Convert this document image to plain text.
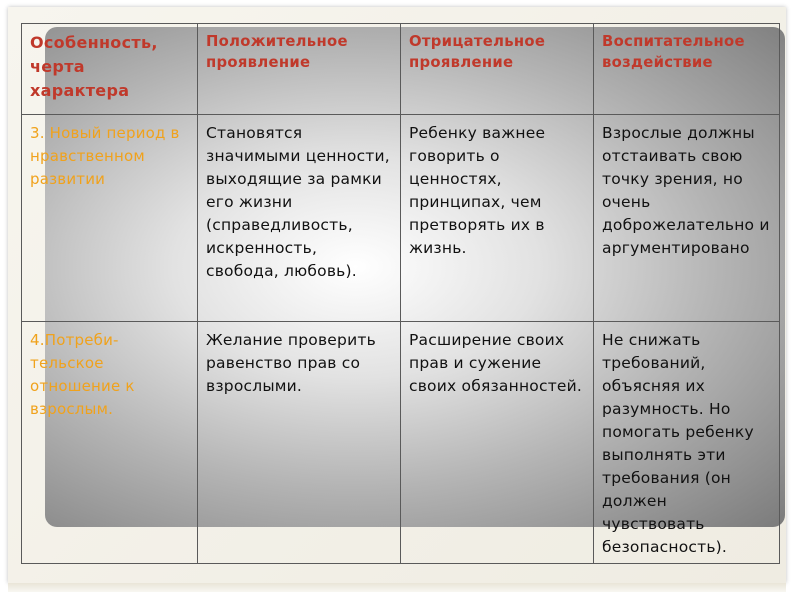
Особенность, черта характера	Положительное проявление	Отрицательное проявление	Воспитательное воздействие
3. Новый период в нравственном развитии	Становятся значимыми ценности, выходящие за рамки его жизни (справедливость, искренность, свобода, любовь).	Ребенку важнее говорить о ценностях, принципах, чем претворять их в жизнь.	Взрослые должны отстаивать свою точку зрения, но очень доброжелательно и аргументировано
4.Потреби-тельское отношение к взрослым.	Желание проверить равенство прав со взрослыми.	Расширение своих прав и сужение своих обязанностей.	Не снижать требований, объясняя их разумность. Но помогать ребенку выполнять эти требования (он должен чувствовать безопасность).
